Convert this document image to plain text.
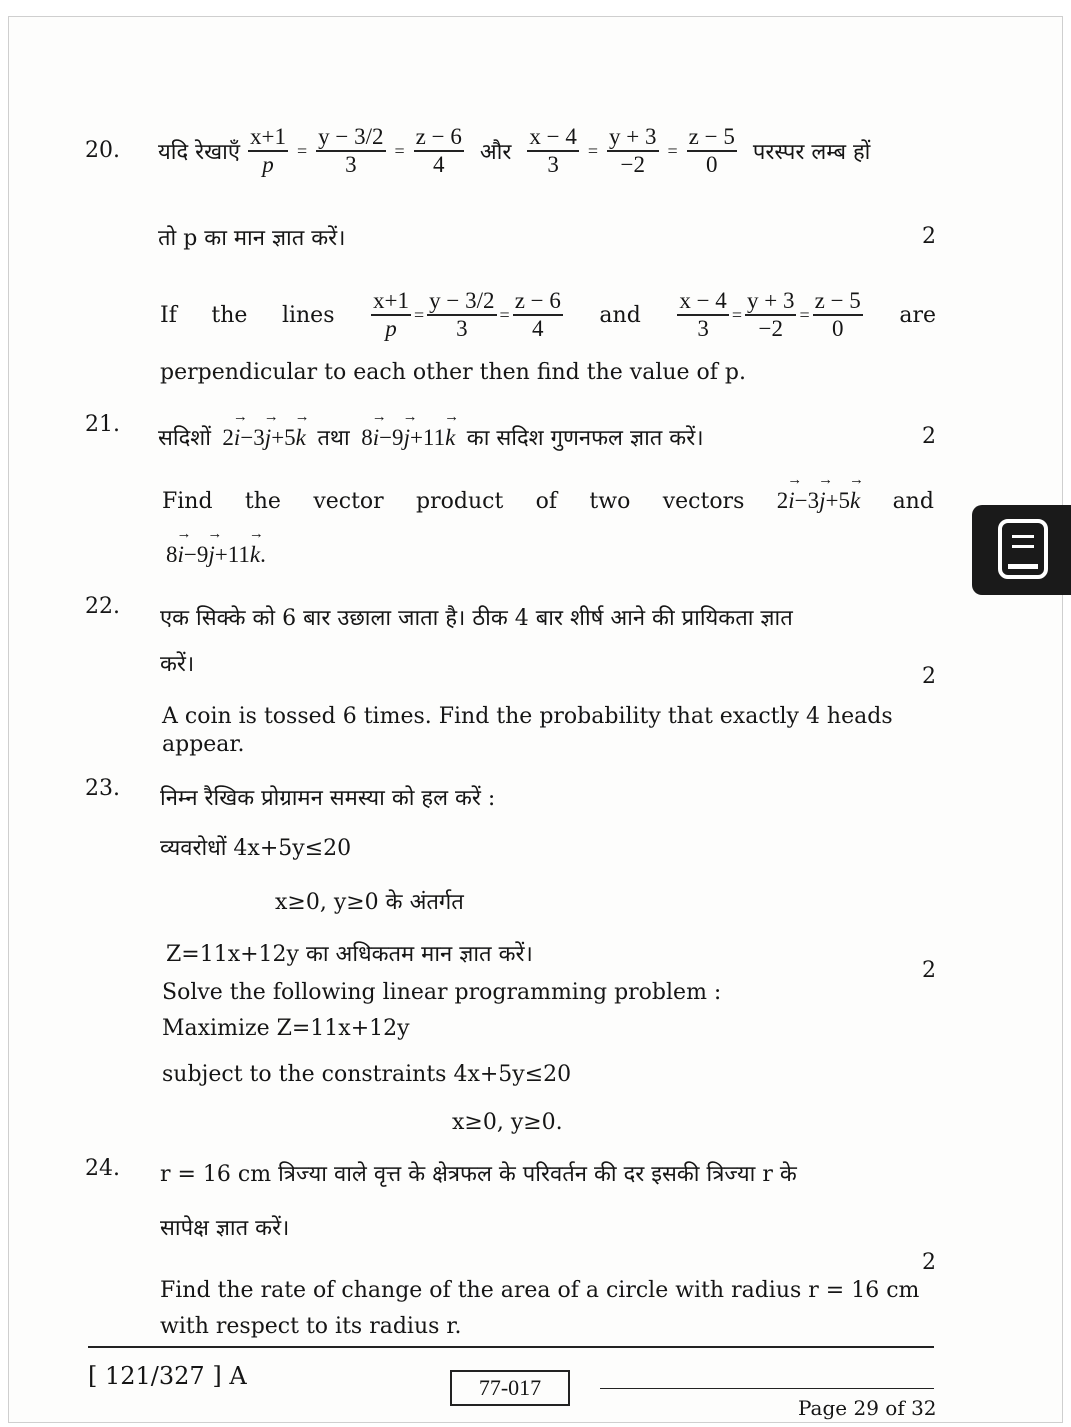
20. यदि रेखाएँ $\frac{x+1}{p} = \frac{y - 3/2}{3} = \frac{z - 6}{4}$ और $\frac{x - 4}{3} = \frac{y + 3}{-2} = \frac{z - 5}{0}$ परस्पर लम्ब हों
तो p का मान ज्ञात करें।	2
If the lines $\frac{x+1}{p} = \frac{y - 3/2}{3} = \frac{z - 6}{4}$ and $\frac{x - 4}{3} = \frac{y + 3}{-2} = \frac{z - 5}{0}$ are
perpendicular to each other then find the value of p.
21.
सदिशों 2→ i−3→ j+5→ k तथा 8→ i−9→ j+11→ k का सदिश गुणनफल ज्ञात करें।	2
Find the vector product of two vectors 2→ i−3→ j+5→ k and
8→ i−9→ j+11→ k.
22. एक सिक्के को 6 बार उछाला जाता है। ठीक 4 बार शीर्ष आने की प्रायिकता ज्ञात
करें।	2
A coin is tossed 6 times. Find the probability that exactly 4 heads
appear.
23. निम्न रैखिक प्रोग्रामन समस्या को हल करें :
व्यवरोधों 4x+5y≤20
x≥0, y≥0 के अंतर्गत
Z=11x+12y का अधिकतम मान ज्ञात करें।
2
Solve the following linear programming problem :
Maximize Z=11x+12y
subject to the constraints 4x+5y≤20
x≥0, y≥0.
24. r = 16 cm त्रिज्या वाले वृत्त के क्षेत्रफल के परिवर्तन की दर इसकी त्रिज्या r के
सापेक्ष ज्ञात करें।
2
Find the rate of change of the area of a circle with radius r = 16 cm
with respect to its radius r.
[ 121/327 ] A	77-017
Page 29 of 32
